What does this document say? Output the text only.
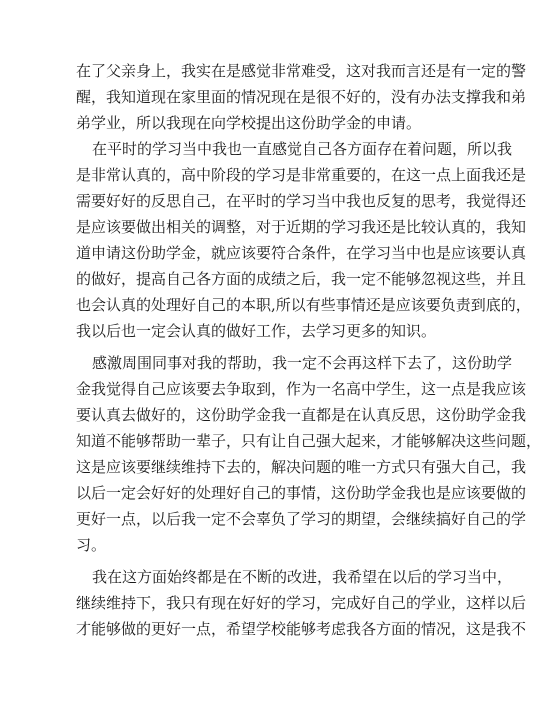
在了父亲身上，我实在是感觉非常难受，这对我而言还是有一定的警
醒，我知道现在家里面的情况现在是很不好的，没有办法支撑我和弟
弟学业，所以我现在向学校提出这份助学金的申请。
在平时的学习当中我也一直感觉自己各方面存在着问题，所以我
是非常认真的，高中阶段的学习是非常重要的，在这一点上面我还是
需要好好的反思自己，在平时的学习当中我也反复的思考，我觉得还
是应该要做出相关的调整，对于近期的学习我还是比较认真的，我知
道申请这份助学金，就应该要符合条件，在学习当中也是应该要认真
的做好，提高自己各方面的成绩之后，我一定不能够忽视这些，并且
也会认真的处理好自己的本职,所以有些事情还是应该要负责到底的，
我以后也一定会认真的做好工作，去学习更多的知识。
感激周围同事对我的帮助，我一定不会再这样下去了，这份助学
金我觉得自己应该要去争取到，作为一名高中学生，这一点是我应该
要认真去做好的，这份助学金我一直都是在认真反思，这份助学金我
知道不能够帮助一辈子，只有让自己强大起来，才能够解决这些问题，
这是应该要继续维持下去的，解决问题的唯一方式只有强大自己，我
以后一定会好好的处理好自己的事情，这份助学金我也是应该要做的
更好一点，以后我一定不会辜负了学习的期望，会继续搞好自己的学
习。
我在这方面始终都是在不断的改进，我希望在以后的学习当中，
继续维持下，我只有现在好好的学习，完成好自己的学业，这样以后
才能够做的更好一点，希望学校能够考虑我各方面的情况，这是我不
